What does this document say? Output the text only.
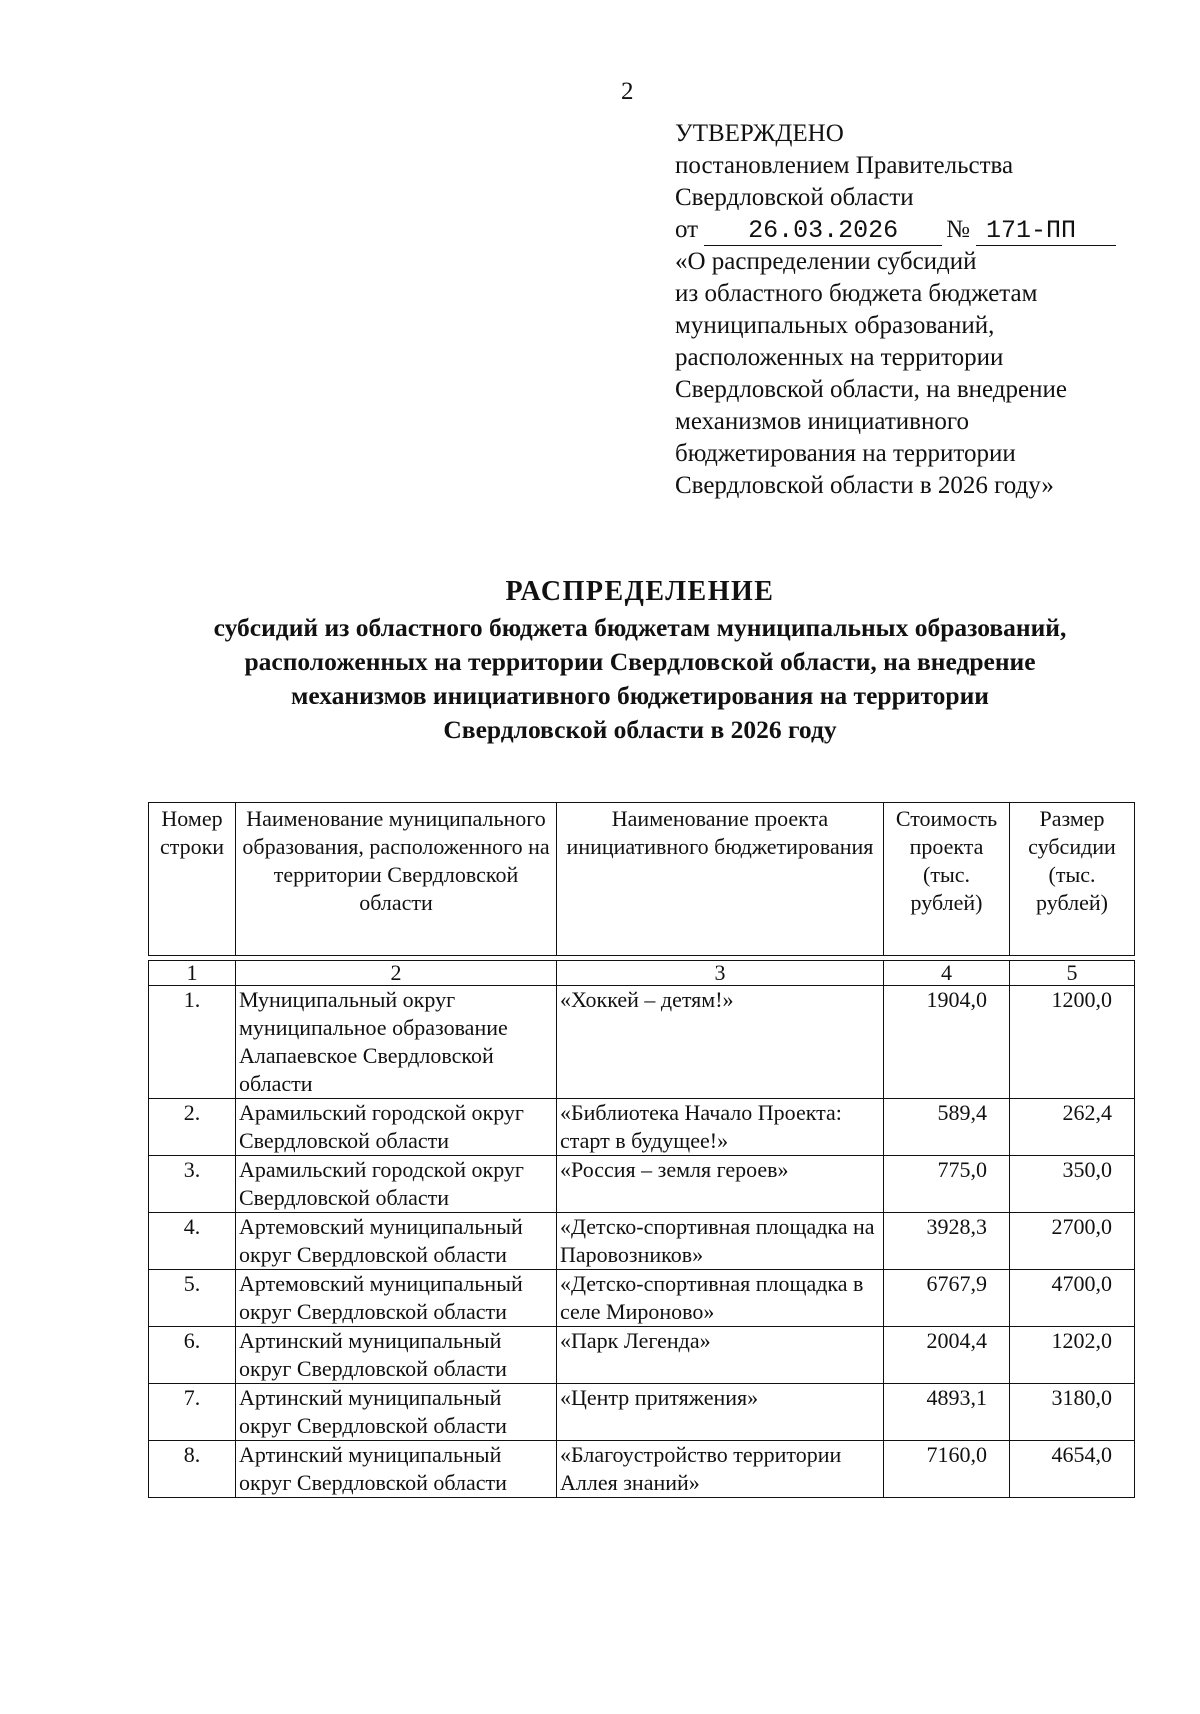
2
УТВЕРЖДЕНО
постановлением Правительства
Свердловской области
от	26.03.2026	№ 171-ПП
«О распределении субсидий
из областного бюджета бюджетам
муниципальных образований,
расположенных на территории
Свердловской области, на внедрение
механизмов инициативного
бюджетирования на территории
Свердловской области в 2026 году»
РАСПРЕДЕЛЕНИЕ
субсидий из областного бюджета бюджетам муниципальных образований,
расположенных на территории Свердловской области, на внедрение
механизмов инициативного бюджетирования на территории
Свердловской области в 2026 году
Номер строки	Наименование муниципального образования, расположенного на территории Свердловской области	Наименование проекта инициативного бюджетирования	Стоимость проекта (тыс. рублей)	Размер субсидии (тыс. рублей)

1	2	3	4	5
1.	Муниципальный округ муниципальное образование Алапаевское Свердловской области	«Хоккей – детям!»	1904,0	1200,0
2.	Арамильский городской округ Свердловской области	«Библиотека Начало Проекта: старт в будущее!»	589,4	262,4
3.	Арамильский городской округ Свердловской области	«Россия – земля героев»	775,0	350,0
4.	Артемовский муниципальный округ Свердловской области	«Детско-спортивная площадка на Паровозников»	3928,3	2700,0
5.	Артемовский муниципальный округ Свердловской области	«Детско-спортивная площадка в селе Мироново»	6767,9	4700,0
6.	Артинский муниципальный округ Свердловской области	«Парк Легенда»	2004,4	1202,0
7.	Артинский муниципальный округ Свердловской области	«Центр притяжения»	4893,1	3180,0
8.	Артинский муниципальный округ Свердловской области	«Благоустройство территории Аллея знаний»	7160,0	4654,0
